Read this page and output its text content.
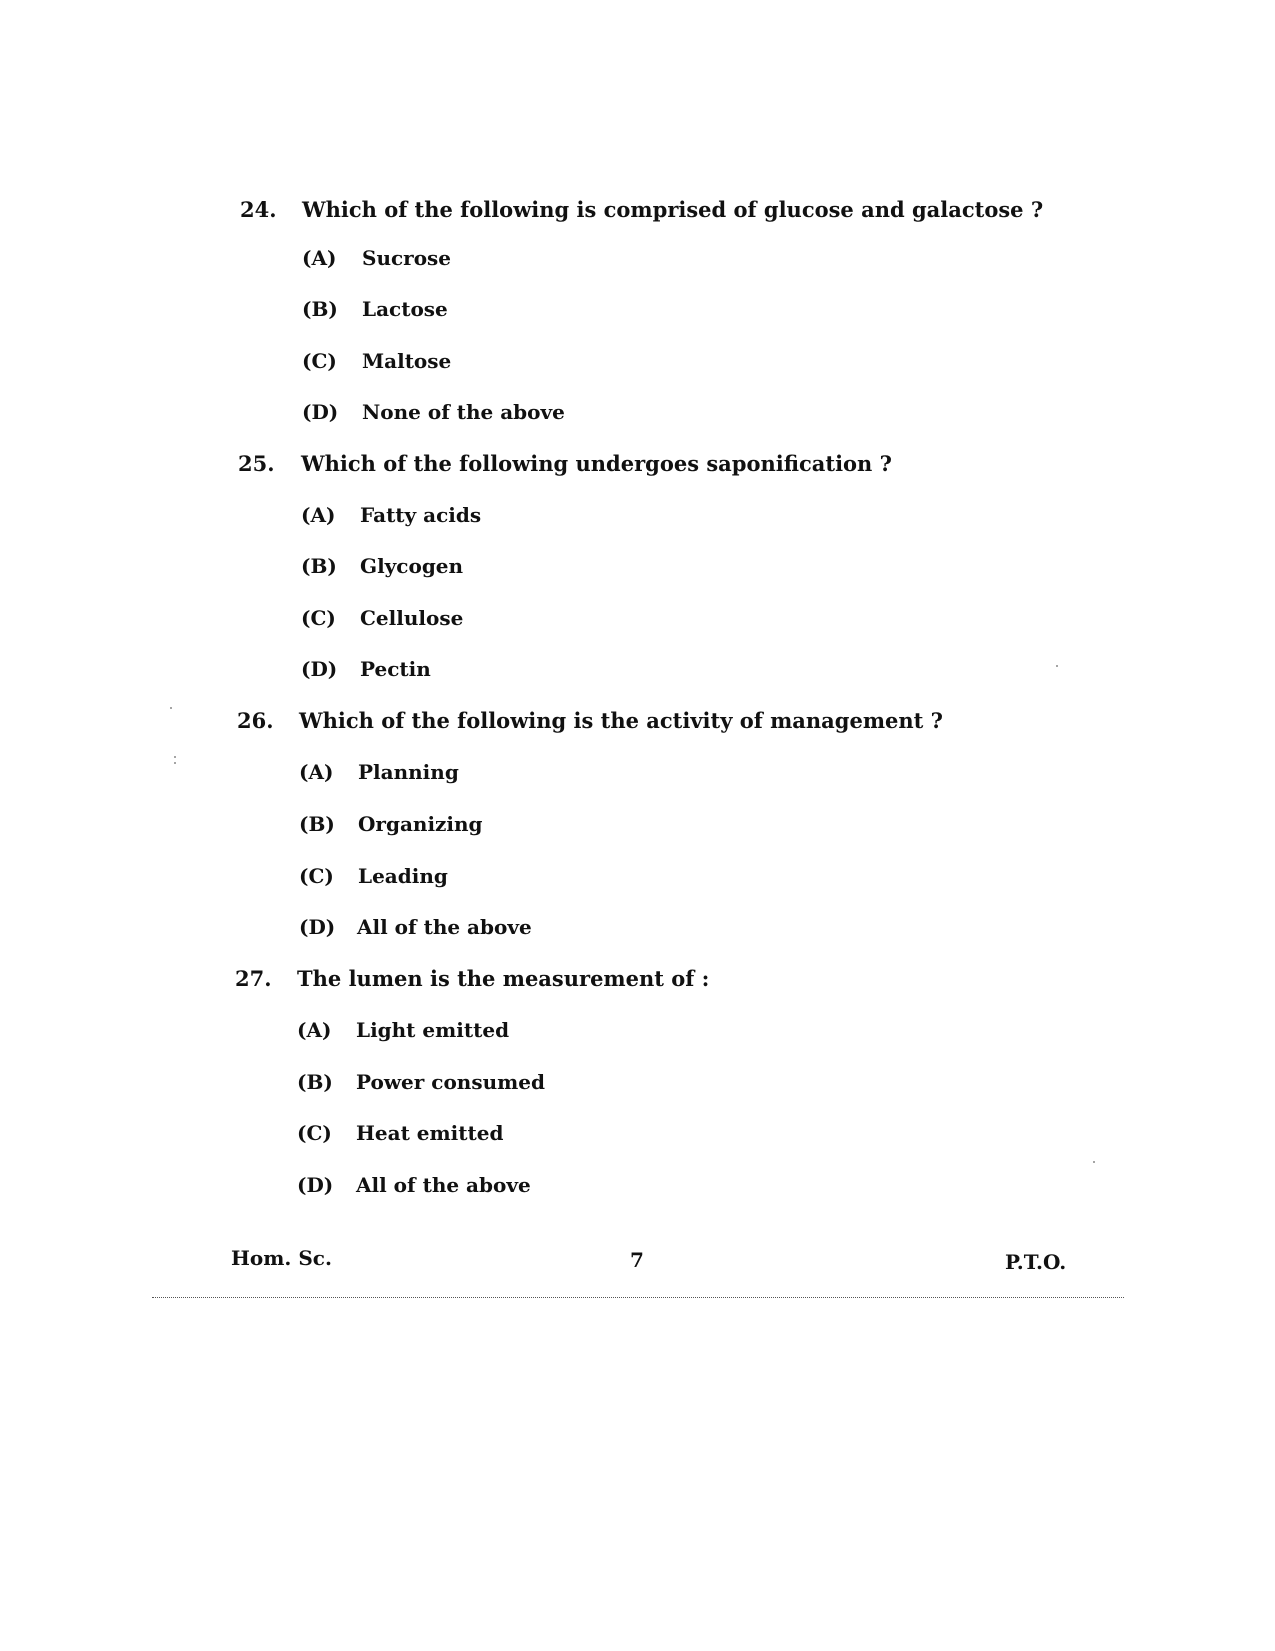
24. Which of the following is comprised of glucose and galactose ?
(A) Sucrose
(B) Lactose
(C) Maltose
(D) None of the above
25. Which of the following undergoes saponification ?
(A) Fatty acids
(B) Glycogen
(C) Cellulose
(D) Pectin
26. Which of the following is the activity of management ?
(A) Planning
(B) Organizing
(C) Leading
(D) All of the above
27. The lumen is the measurement of :
(A) Light emitted
(B) Power consumed
(C) Heat emitted
(D) All of the above
Hom. Sc.	7	P.T.O.
